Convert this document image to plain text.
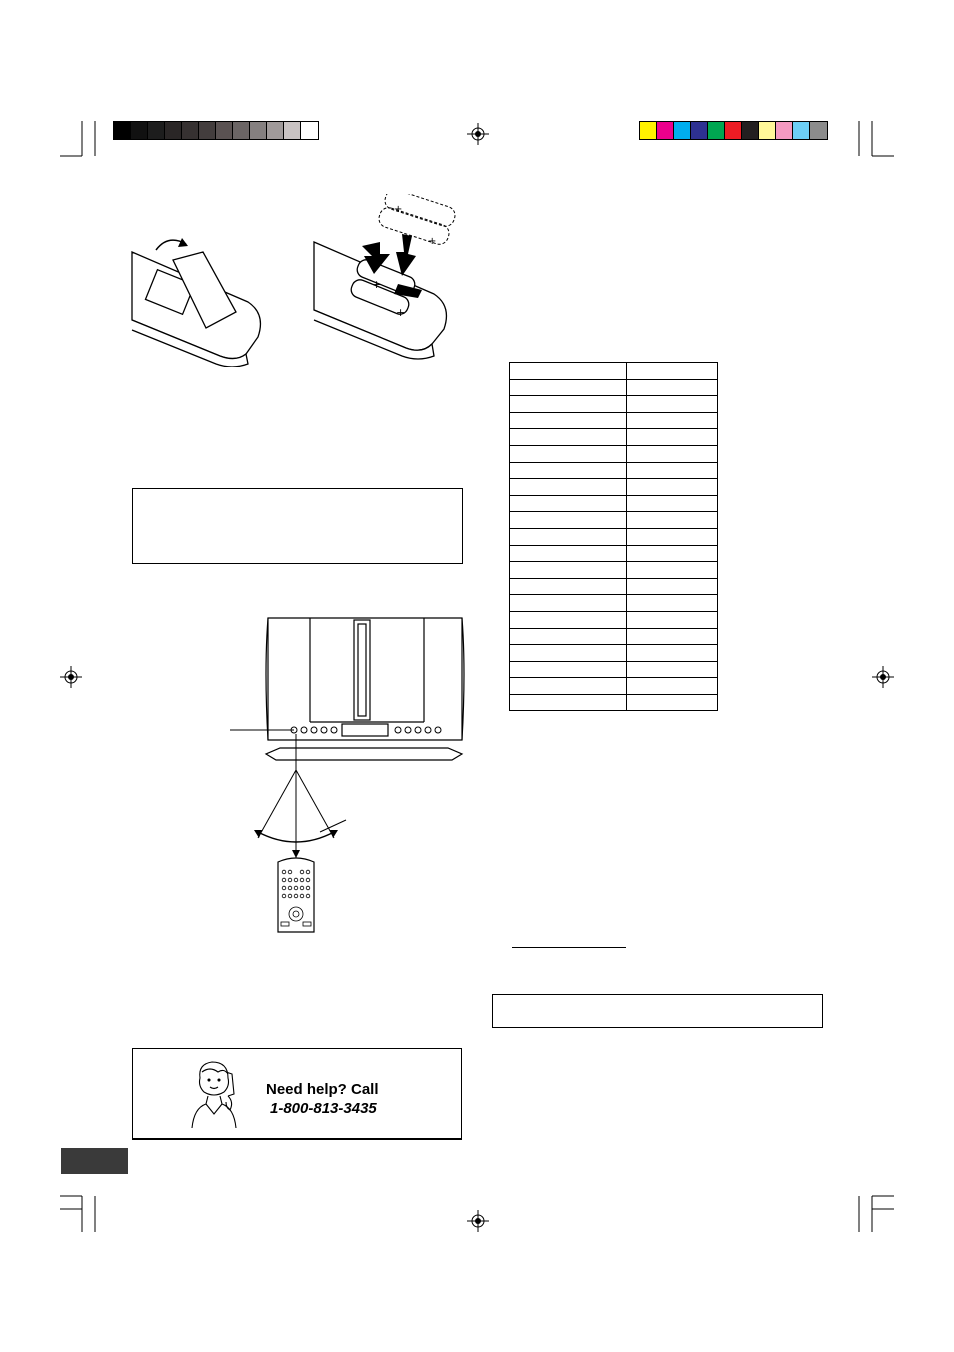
+
+
+
+

Need help? Call
1-800-813-3435
